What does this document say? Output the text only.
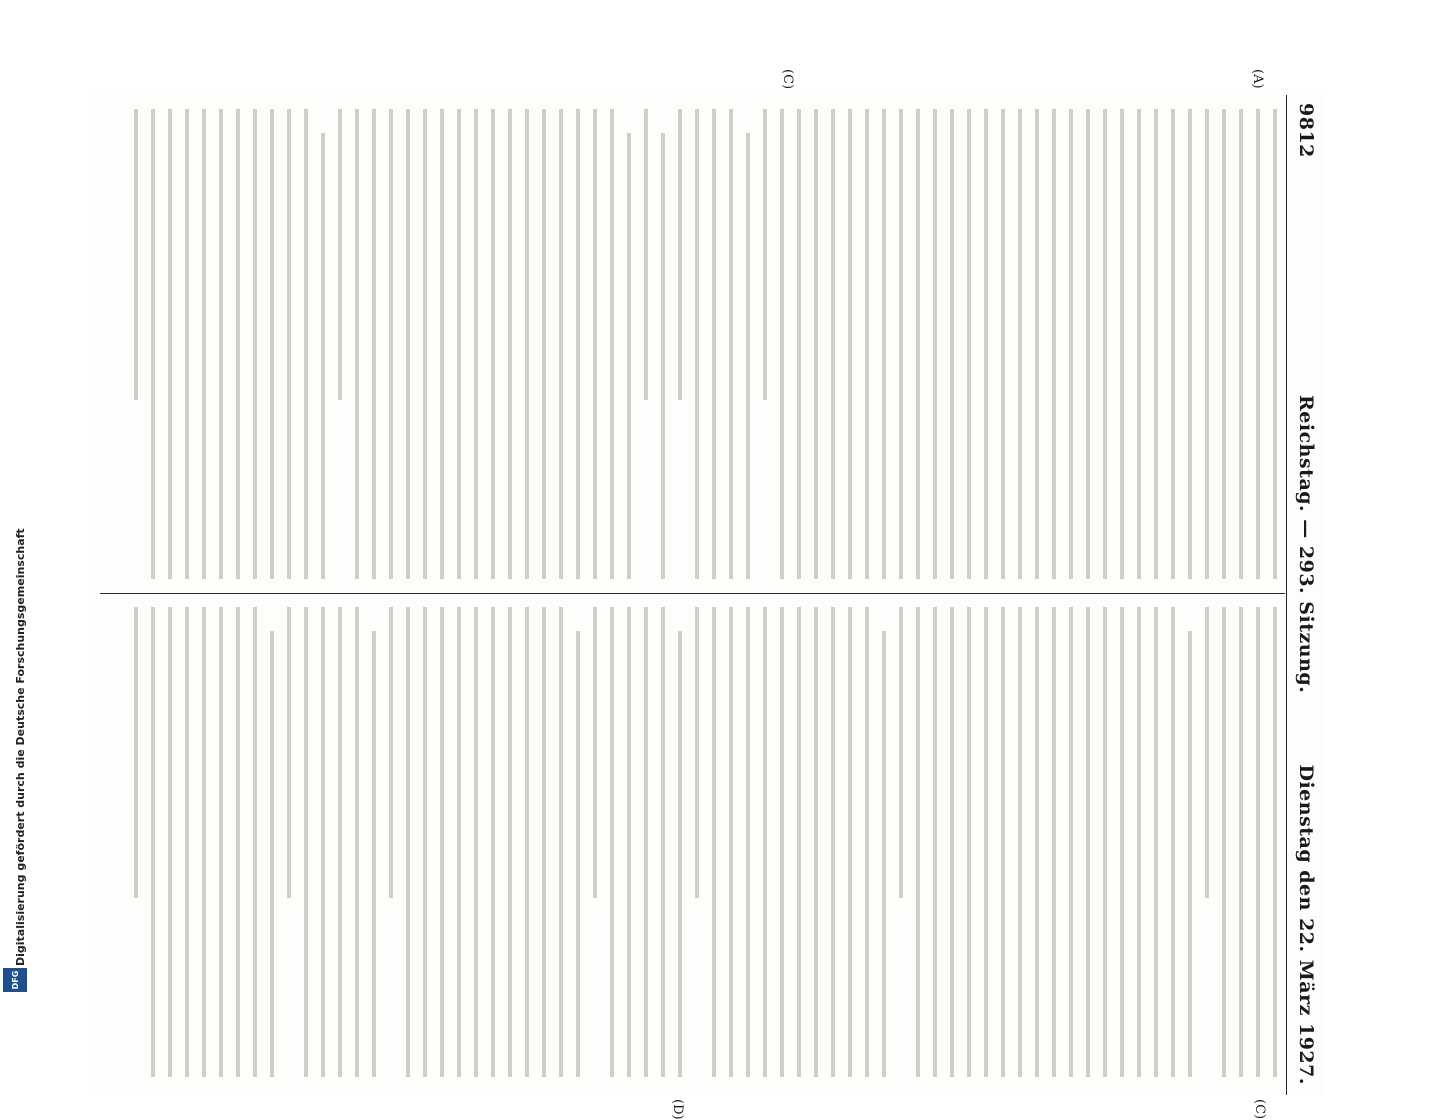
Digitalisierung gefördert durch die Deutsche Forschungsgemeinschaft
DFG
9812
Reichstag. — 293. Sitzung.
Dienstag den 22. März 1927.
(A)
(C)
(C)
(D)
